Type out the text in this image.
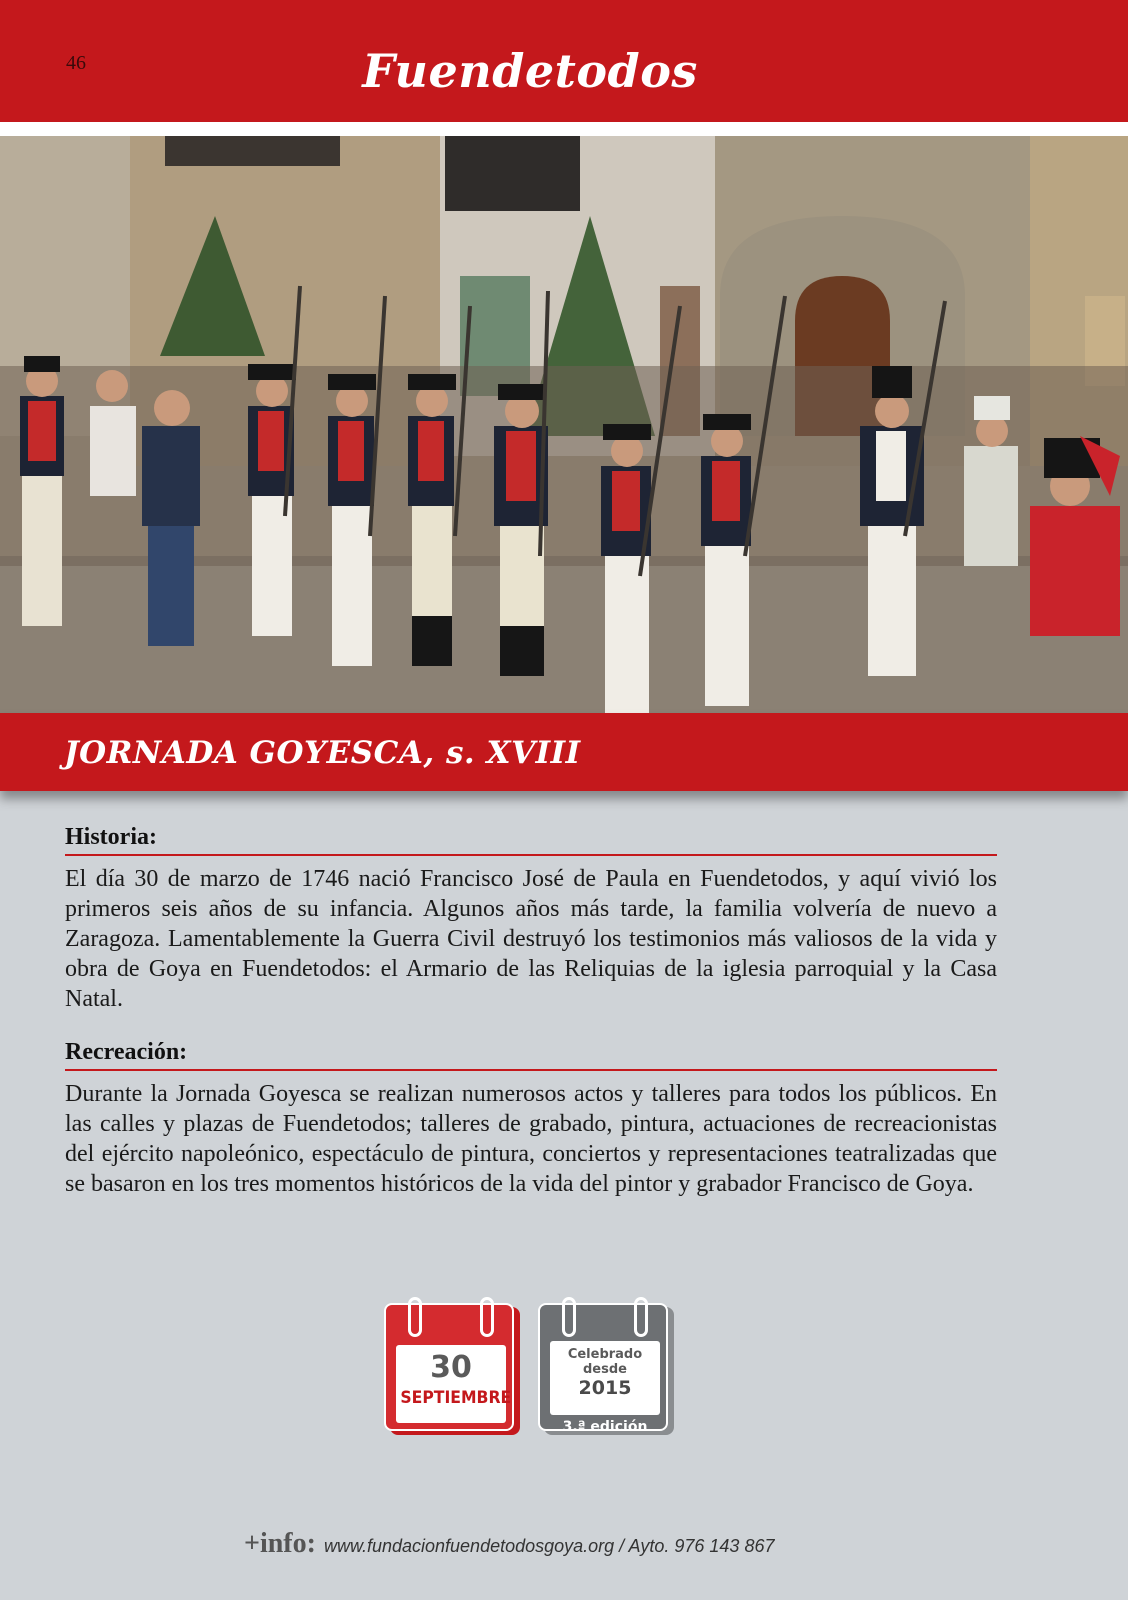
46	Fuendetodos
JORNADA GOYESCA, s. XVIII
Historia:

El día 30 de marzo de 1746 nació Francisco José de Paula en Fuendetodos, y aquí vivió los primeros seis años de su infancia. Algunos años más tarde, la familia volvería de nuevo a Zaragoza. Lamentablemente la Guerra Civil destruyó los testimonios más valiosos de la vida y obra de Goya en Fuendetodos: el Armario de las Reliquias de la iglesia parroquial y la Casa Natal.

Recreación:

Durante la Jornada Goyesca se realizan numerosos actos y talleres para todos los públicos. En las calles y plazas de Fuendetodos; talleres de grabado, pintura, actuaciones de recreacionistas del ejército napoleónico, espectáculo de pintura, conciertos y representaciones teatralizadas que se basaron en los tres momentos históricos de la vida del pintor y grabador Francisco de Goya.

30
SEPTIEMBRE
Celebrado
desde
2015
3.ª edición
+info: www.fundacionfuendetodosgoya.org / Ayto. 976 143 867
